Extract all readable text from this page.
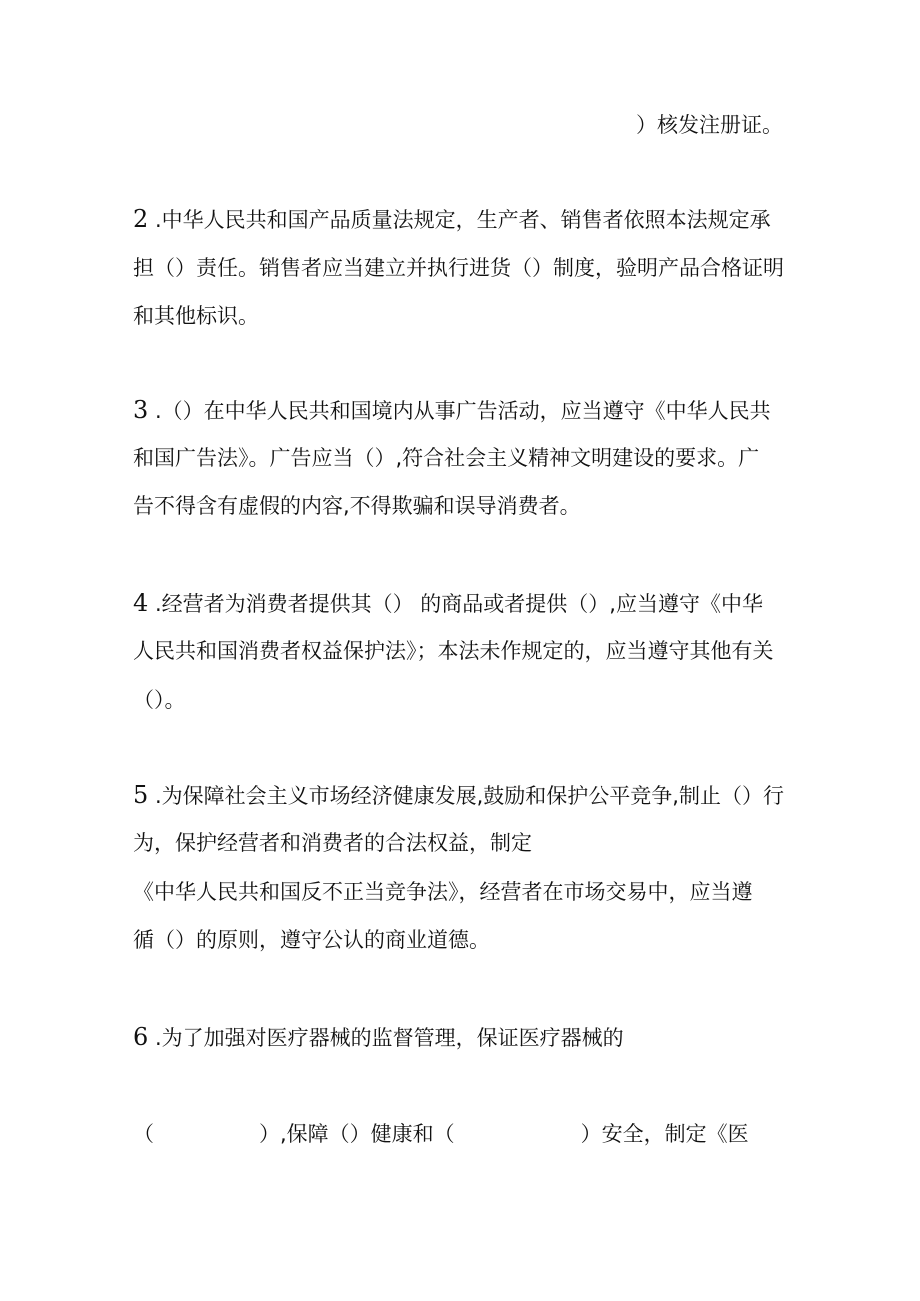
）核发注册证。
2 .中华人民共和国产品质量法规定，生产者、销售者依照本法规定承
担（）责任。销售者应当建立并执行进货（）制度，验明产品合格证明
和其他标识。
3 .（）在中华人民共和国境内从事广告活动，应当遵守《中华人民共
和国广告法》。广告应当（）,符合社会主义精神文明建设的要求。广
告不得含有虚假的内容,不得欺骗和误导消费者。
4 .经营者为消费者提供其（） 的商品或者提供（）,应当遵守《中华
人民共和国消费者权益保护法》；本法未作规定的，应当遵守其他有关
（）。
5 .为保障社会主义市场经济健康发展,鼓励和保护公平竞争,制止（）行
为，保护经营者和消费者的合法权益，制定
《中华人民共和国反不正当竞争法》，经营者在市场交易中，应当遵
循（）的原则，遵守公认的商业道德。
6 .为了加强对医疗器械的监督管理，保证医疗器械的
（　　　　　）,保障（）健康和（　　　　　　）安全，制定《医
